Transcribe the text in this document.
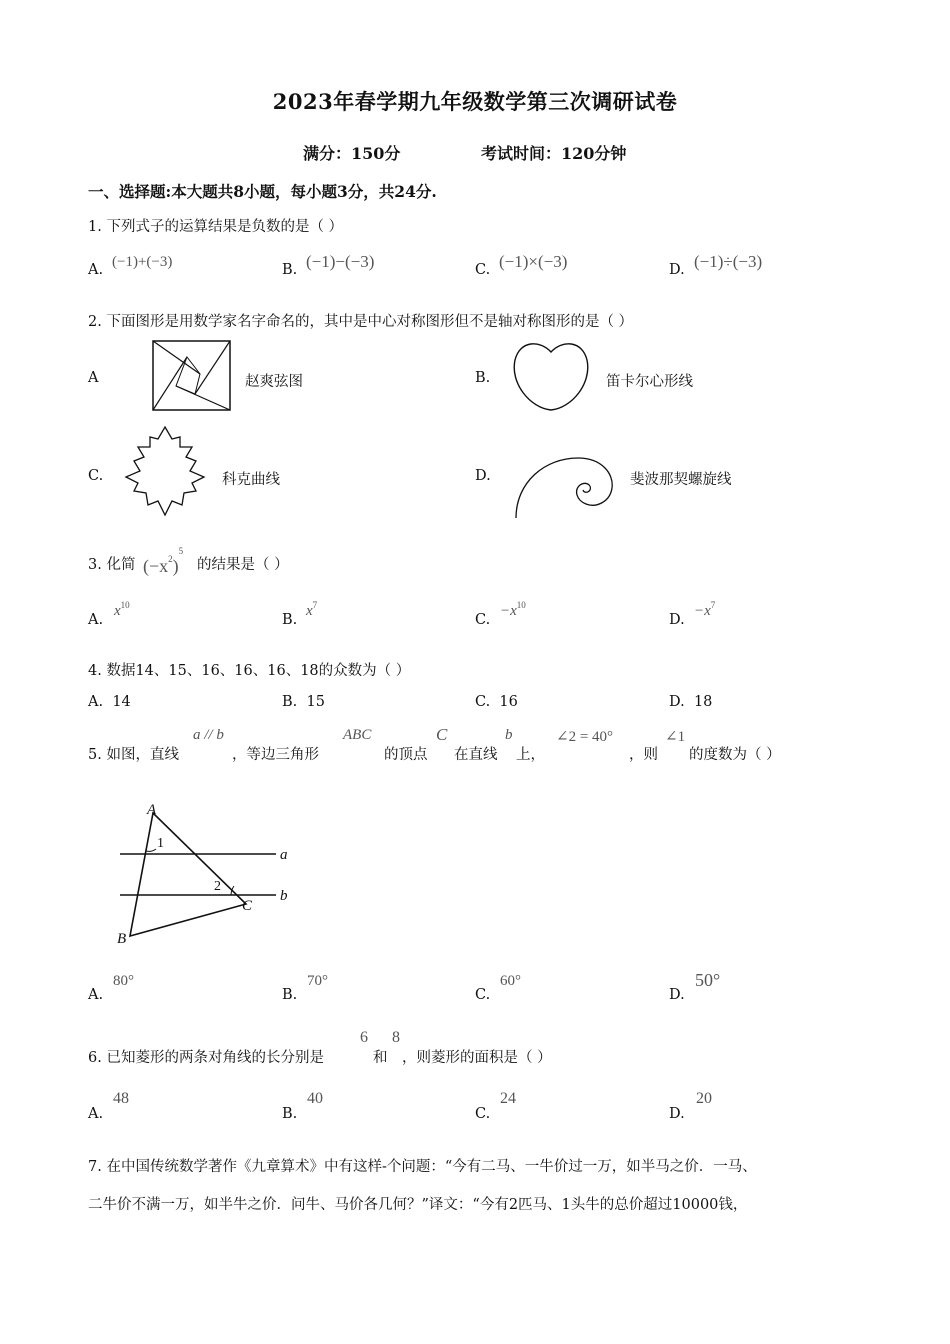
2023年春学期九年级数学第三次调研试卷
满分：150分	考试时间：120分钟
一、选择题:本大题共8小题，每小题3分，共24分.
1. 下列式子的运算结果是负数的是（ ）
A. (−1)+(−3)	B. (−1)−(−3)	C. (−1)×(−3)	D. (−1)÷(−3)
2. 下面图形是用数学家名字命名的，其中是中心对称图形但不是轴对称图形的是（ ）
A	赵爽弦图	B.	笛卡尔心形线
C.	科克曲线	D.	斐波那契螺旋线
3. 化简 $(-x^2)^5$
的结果是（ ）
A.
$x^{10}$
B.
$x^7$
C.
$-x^{10}$
D.
$-x^7$
4. 数据14、15、16、16、16、18的众数为（ ）
A. 14	B. 15	C. 16	D. 18
5. 如图，直线
a // b
，等边三角形
ABC
的顶点
C
在直线
b
上，
∠2 = 40°
，则
∠1
的度数为（ ）
A
B
C
a
b
1
2
A.
80°
B.
70°
C.
60°
D.
50°
6. 已知菱形的两条对角线的长分别是
6
和
8
，则菱形的面积是（ ）
A.
48
B.
40
C.
24
D.
20
7. 在中国传统数学著作《九章算术》中有这样-个问题：“今有二马、一牛价过一万，如半马之价．一马、
二牛价不满一万，如半牛之价．问牛、马价各几何？”译文：“今有2匹马、1头牛的总价超过10000钱，
